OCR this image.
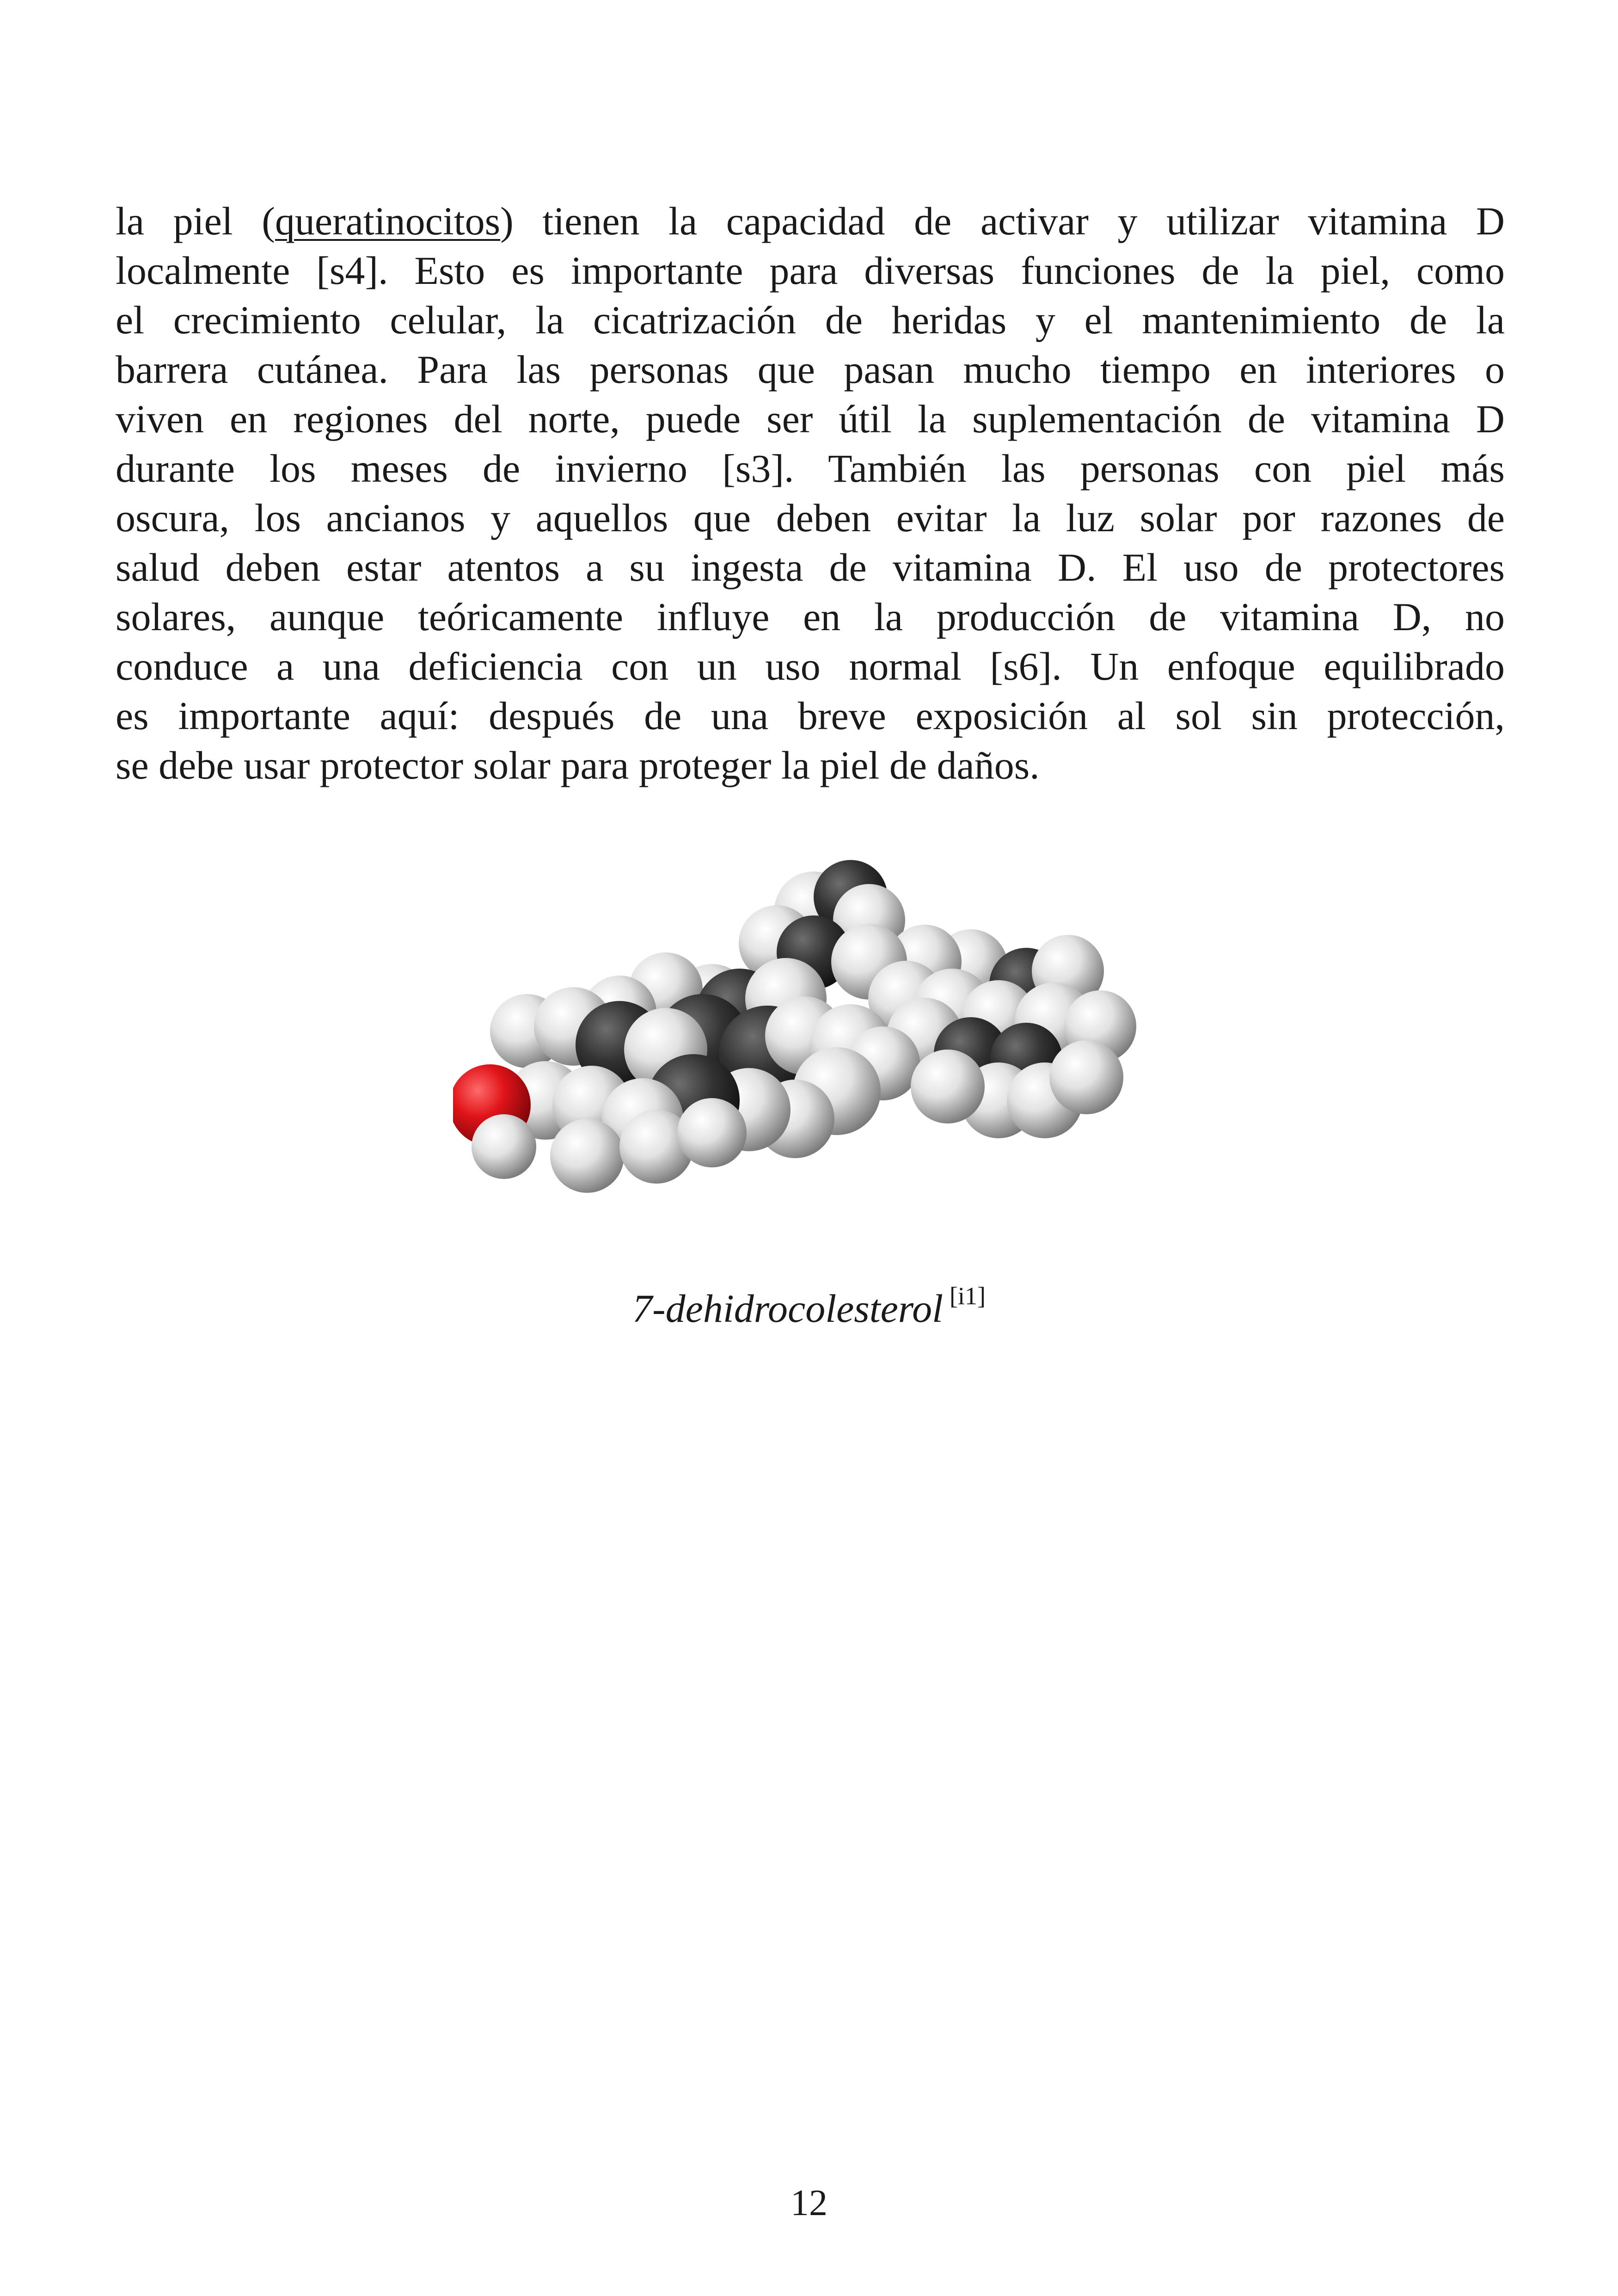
la piel (queratinocitos) tienen la capacidad de activar y utilizar vitamina D
localmente [s4]. Esto es importante para diversas funciones de la piel, como
el crecimiento celular, la cicatrización de heridas y el mantenimiento de la
barrera cutánea. Para las personas que pasan mucho tiempo en interiores o
viven en regiones del norte, puede ser útil la suplementación de vitamina D
durante los meses de invierno [s3]. También las personas con piel más
oscura, los ancianos y aquellos que deben evitar la luz solar por razones de
salud deben estar atentos a su ingesta de vitamina D. El uso de protectores
solares, aunque teóricamente influye en la producción de vitamina D, no
conduce a una deficiencia con un uso normal [s6]. Un enfoque equilibrado
es importante aquí: después de una breve exposición al sol sin protección,
se debe usar protector solar para proteger la piel de daños.

7-dehidrocolesterol [i1]
12
